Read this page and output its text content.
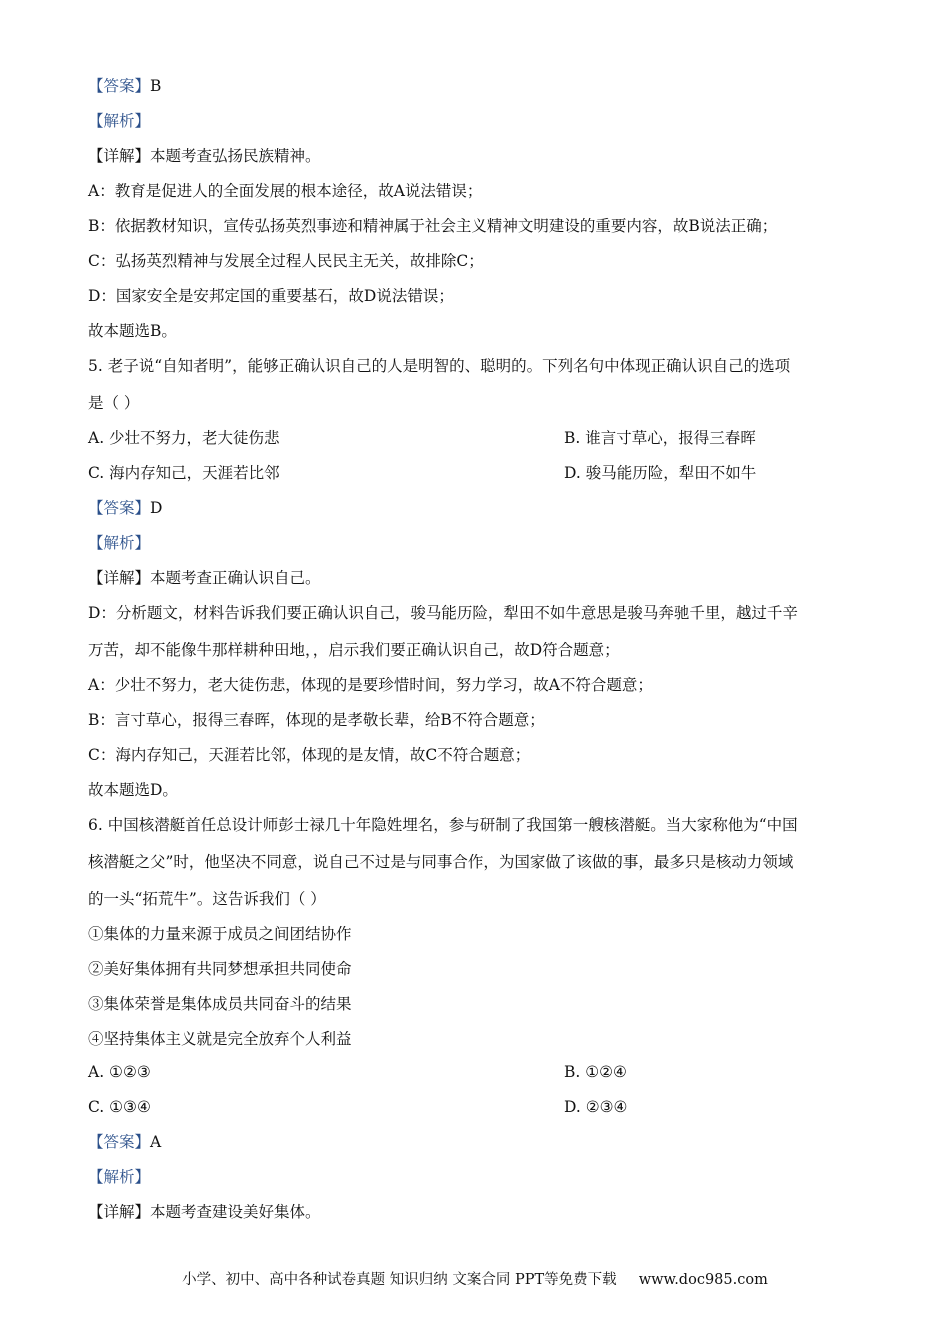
【答案】B
【解析】
【详解】本题考查弘扬民族精神。
A：教育是促进人的全面发展的根本途径，故A说法错误；
B：依据教材知识，宣传弘扬英烈事迹和精神属于社会主义精神文明建设的重要内容，故B说法正确；
C：弘扬英烈精神与发展全过程人民民主无关，故排除C；
D：国家安全是安邦定国的重要基石，故D说法错误；
故本题选B。
5. 老子说“自知者明”，能够正确认识自己的人是明智的、聪明的。下列名句中体现正确认识自己的选项
是（ ）
A. 少壮不努力，老大徒伤悲	B. 谁言寸草心，报得三春晖
C. 海内存知己，天涯若比邻	D. 骏马能历险，犁田不如牛
【答案】D
【解析】
【详解】本题考查正确认识自己。
D：分析题文，材料告诉我们要正确认识自己，骏马能历险，犁田不如牛意思是骏马奔驰千里，越过千辛
万苦，却不能像牛那样耕种田地，，启示我们要正确认识自己，故D符合题意；
A：少壮不努力，老大徒伤悲，体现的是要珍惜时间，努力学习，故A不符合题意；
B：言寸草心，报得三春晖，体现的是孝敬长辈，给B不符合题意；
C：海内存知己，天涯若比邻，体现的是友情，故C不符合题意；
故本题选D。
6. 中国核潜艇首任总设计师彭士禄几十年隐姓埋名，参与研制了我国第一艘核潜艇。当大家称他为“中国
核潜艇之父”时，他坚决不同意，说自己不过是与同事合作，为国家做了该做的事，最多只是核动力领域
的一头“拓荒牛”。这告诉我们（ ）
①集体的力量来源于成员之间团结协作
②美好集体拥有共同梦想承担共同使命
③集体荣誉是集体成员共同奋斗的结果
④坚持集体主义就是完全放弃个人利益
A. ①②③	B. ①②④
C. ①③④	D. ②③④
【答案】A
【解析】
【详解】本题考查建设美好集体。
小学、初中、高中各种试卷真题 知识归纳 文案合同 PPT等免费下载 www.doc985.com
